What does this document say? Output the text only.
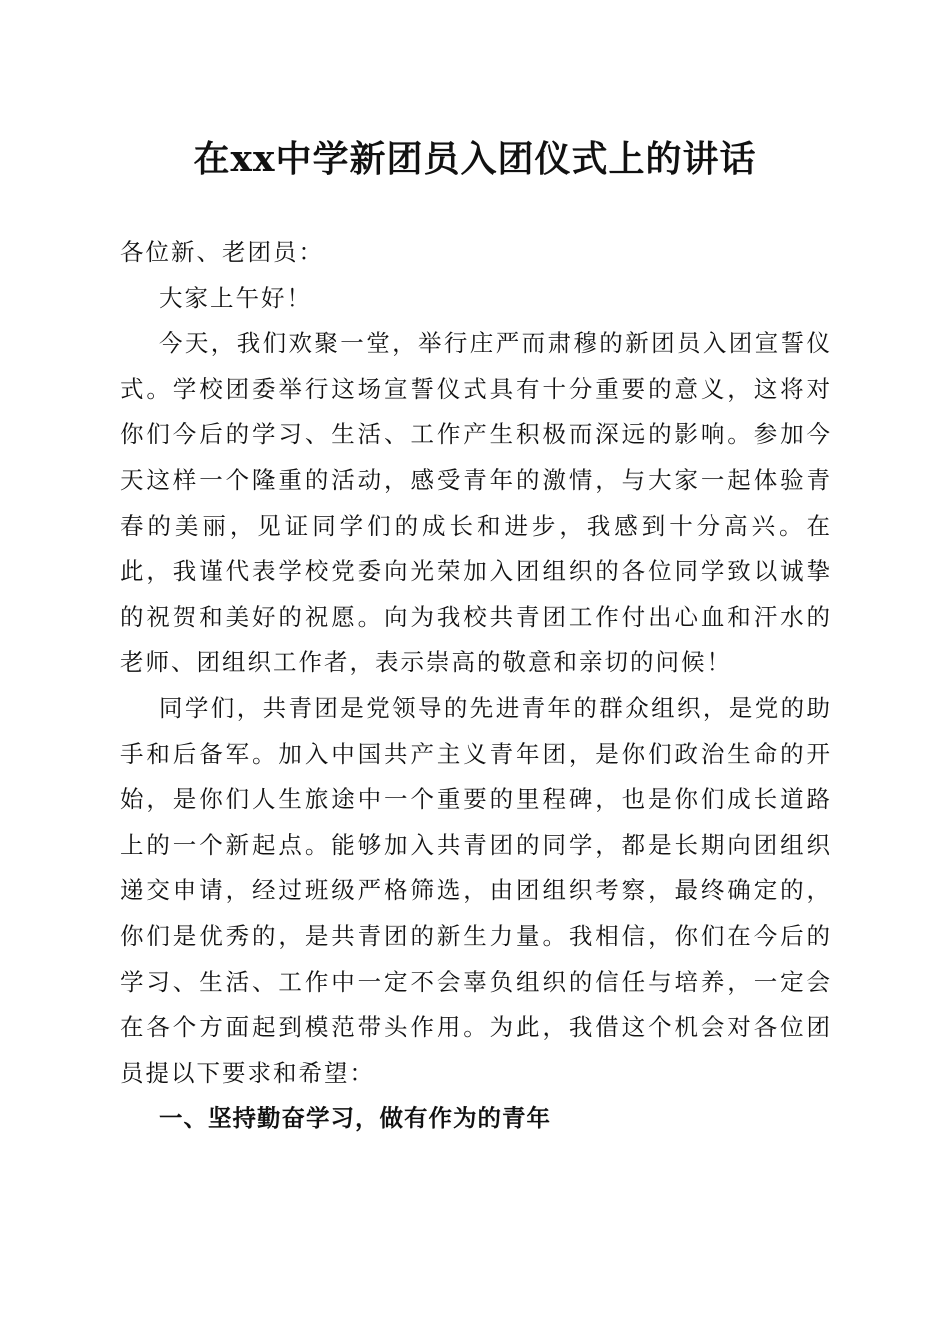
在xx中学新团员入团仪式上的讲话

各位新、老团员：

大家上午好！

今天，我们欢聚一堂，举行庄严而肃穆的新团员入团宣誓仪式。学校团委举行这场宣誓仪式具有十分重要的意义，这将对你们今后的学习、生活、工作产生积极而深远的影响。参加今天这样一个隆重的活动，感受青年的激情，与大家一起体验青春的美丽，见证同学们的成长和进步，我感到十分高兴。在此，我谨代表学校党委向光荣加入团组织的各位同学致以诚挚的祝贺和美好的祝愿。向为我校共青团工作付出心血和汗水的老师、团组织工作者，表示崇高的敬意和亲切的问候！

同学们，共青团是党领导的先进青年的群众组织，是党的助手和后备军。加入中国共产主义青年团，是你们政治生命的开始，是你们人生旅途中一个重要的里程碑，也是你们成长道路上的一个新起点。能够加入共青团的同学，都是长期向团组织递交申请，经过班级严格筛选，由团组织考察，最终确定的，你们是优秀的，是共青团的新生力量。我相信，你们在今后的学习、生活、工作中一定不会辜负组织的信任与培养，一定会在各个方面起到模范带头作用。为此，我借这个机会对各位团员提以下要求和希望：

一、坚持勤奋学习，做有作为的青年
